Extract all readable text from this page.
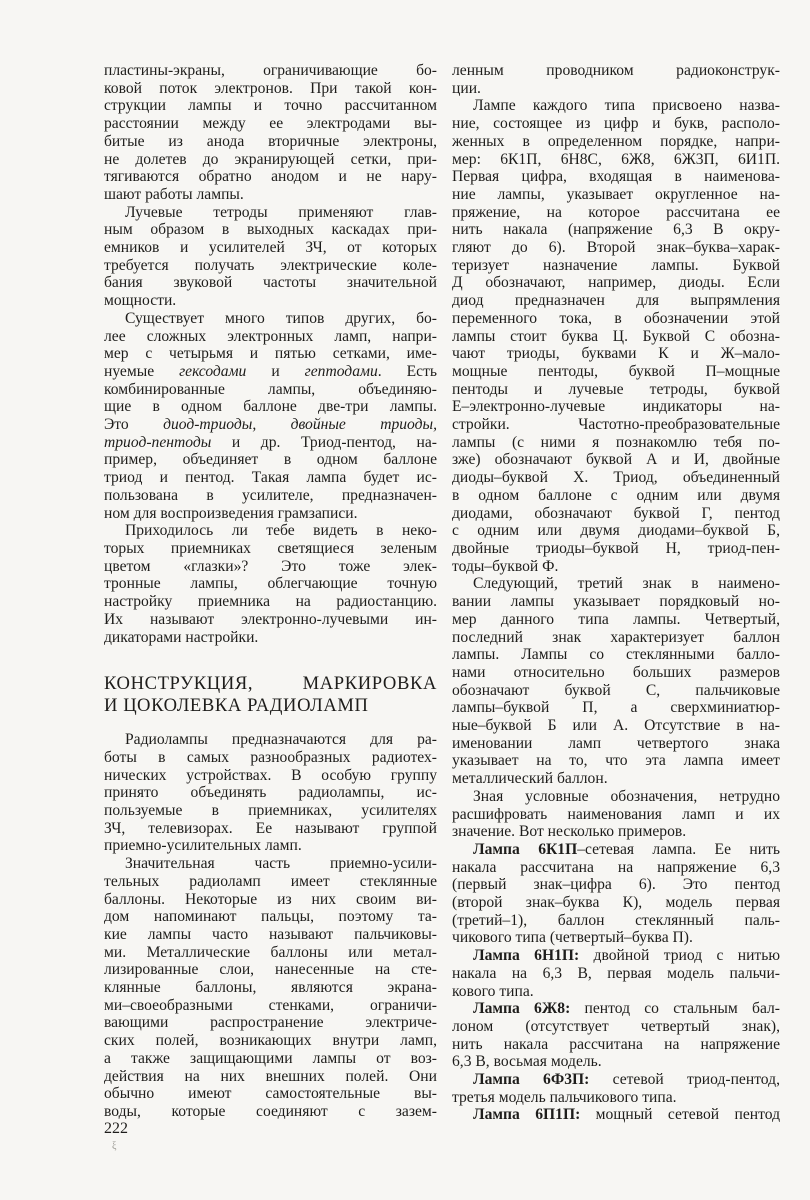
пластины-экраны, ограничивающие бо-
ковой поток электронов. При такой кон-
струкции лампы и точно рассчитанном
расстоянии между ее электродами вы-
битые из анода вторичные электроны,
не долетев до экранирующей сетки, при-
тягиваются обратно анодом и не нару-
шают работы лампы.
Лучевые тетроды применяют глав-
ным образом в выходных каскадах при-
емников и усилителей ЗЧ, от которых
требуется получать электрические коле-
бания звуковой частоты значительной
мощности.
Существует много типов других, бо-
лее сложных электронных ламп, напри-
мер с четырьмя и пятью сетками, име-
нуемые гексодами и гептодами. Есть
комбинированные лампы, объединяю-
щие в одном баллоне две-три лампы.
Это диод-триоды, двойные триоды,
триод-пентоды и др. Триод-пентод, на-
пример, объединяет в одном баллоне
триод и пентод. Такая лампа будет ис-
пользована в усилителе, предназначен-
ном для воспроизведения грамзаписи.
Приходилось ли тебе видеть в неко-
торых приемниках светящиеся зеленым
цветом «глазки»? Это тоже элек-
тронные лампы, облегчающие точную
настройку приемника на радиостанцию.
Их называют электронно-лучевыми ин-
дикаторами настройки.
КОНСТРУКЦИЯ, МАРКИРОВКА
И ЦОКОЛЕВКА РАДИОЛАМП
Радиолампы предназначаются для ра-
боты в самых разнообразных радиотех-
нических устройствах. В особую группу
принято объединять радиолампы, ис-
пользуемые в приемниках, усилителях
ЗЧ, телевизорах. Ее называют группой
приемно-усилительных ламп.
Значительная часть приемно-усили-
тельных радиоламп имеет стеклянные
баллоны. Некоторые из них своим ви-
дом напоминают пальцы, поэтому та-
кие лампы часто называют пальчиковы-
ми. Металлические баллоны или метал-
лизированные слои, нанесенные на сте-
клянные баллоны, являются экрана-
ми–своеобразными стенками, ограничи-
вающими распространение электриче-
ских полей, возникающих внутри ламп,
а также защищающими лампы от воз-
действия на них внешних полей. Они
обычно имеют самостоятельные вы-
воды, которые соединяют с зазем-
ленным проводником радиоконструк-
ции.
Лампе каждого типа присвоено назва-
ние, состоящее из цифр и букв, располо-
женных в определенном порядке, напри-
мер: 6К1П, 6Н8С, 6Ж8, 6Ж3П, 6И1П.
Первая цифра, входящая в наименова-
ние лампы, указывает округленное на-
пряжение, на которое рассчитана ее
нить накала (напряжение 6,3 В окру-
гляют до 6). Второй знак–буква–харак-
теризует назначение лампы. Буквой
Д обозначают, например, диоды. Если
диод предназначен для выпрямления
переменного тока, в обозначении этой
лампы стоит буква Ц. Буквой С обозна-
чают триоды, буквами К и Ж–мало-
мощные пентоды, буквой П–мощные
пентоды и лучевые тетроды, буквой
Е–электронно-лучевые индикаторы на-
стройки. Частотно-преобразовательные
лампы (с ними я познакомлю тебя по-
зже) обозначают буквой А и И, двойные
диоды–буквой Х. Триод, объединенный
в одном баллоне с одним или двумя
диодами, обозначают буквой Г, пентод
с одним или двумя диодами–буквой Б,
двойные триоды–буквой Н, триод-пен-
тоды–буквой Ф.
Следующий, третий знак в наимено-
вании лампы указывает порядковый но-
мер данного типа лампы. Четвертый,
последний знак характеризует баллон
лампы. Лампы со стеклянными балло-
нами относительно больших размеров
обозначают буквой С, пальчиковые
лампы–буквой П, а сверхминиатюр-
ные–буквой Б или А. Отсутствие в на-
именовании ламп четвертого знака
указывает на то, что эта лампа имеет
металлический баллон.
Зная условные обозначения, нетрудно
расшифровать наименования ламп и их
значение. Вот несколько примеров.
Лампа 6К1П–сетевая лампа. Ее нить
накала рассчитана на напряжение 6,3
(первый знак–цифра 6). Это пентод
(второй знак–буква К), модель первая
(третий–1), баллон стеклянный паль-
чикового типа (четвертый–буква П).
Лампа 6Н1П: двойной триод с нитью
накала на 6,3 В, первая модель пальчи-
кового типа.
Лампа 6Ж8: пентод со стальным бал-
лоном (отсутствует четвертый знак),
нить накала рассчитана на напряжение
6,3 В, восьмая модель.
Лампа 6Ф3П: сетевой триод-пентод,
третья модель пальчикового типа.
Лампа 6П1П: мощный сетевой пентод
222
ξ
